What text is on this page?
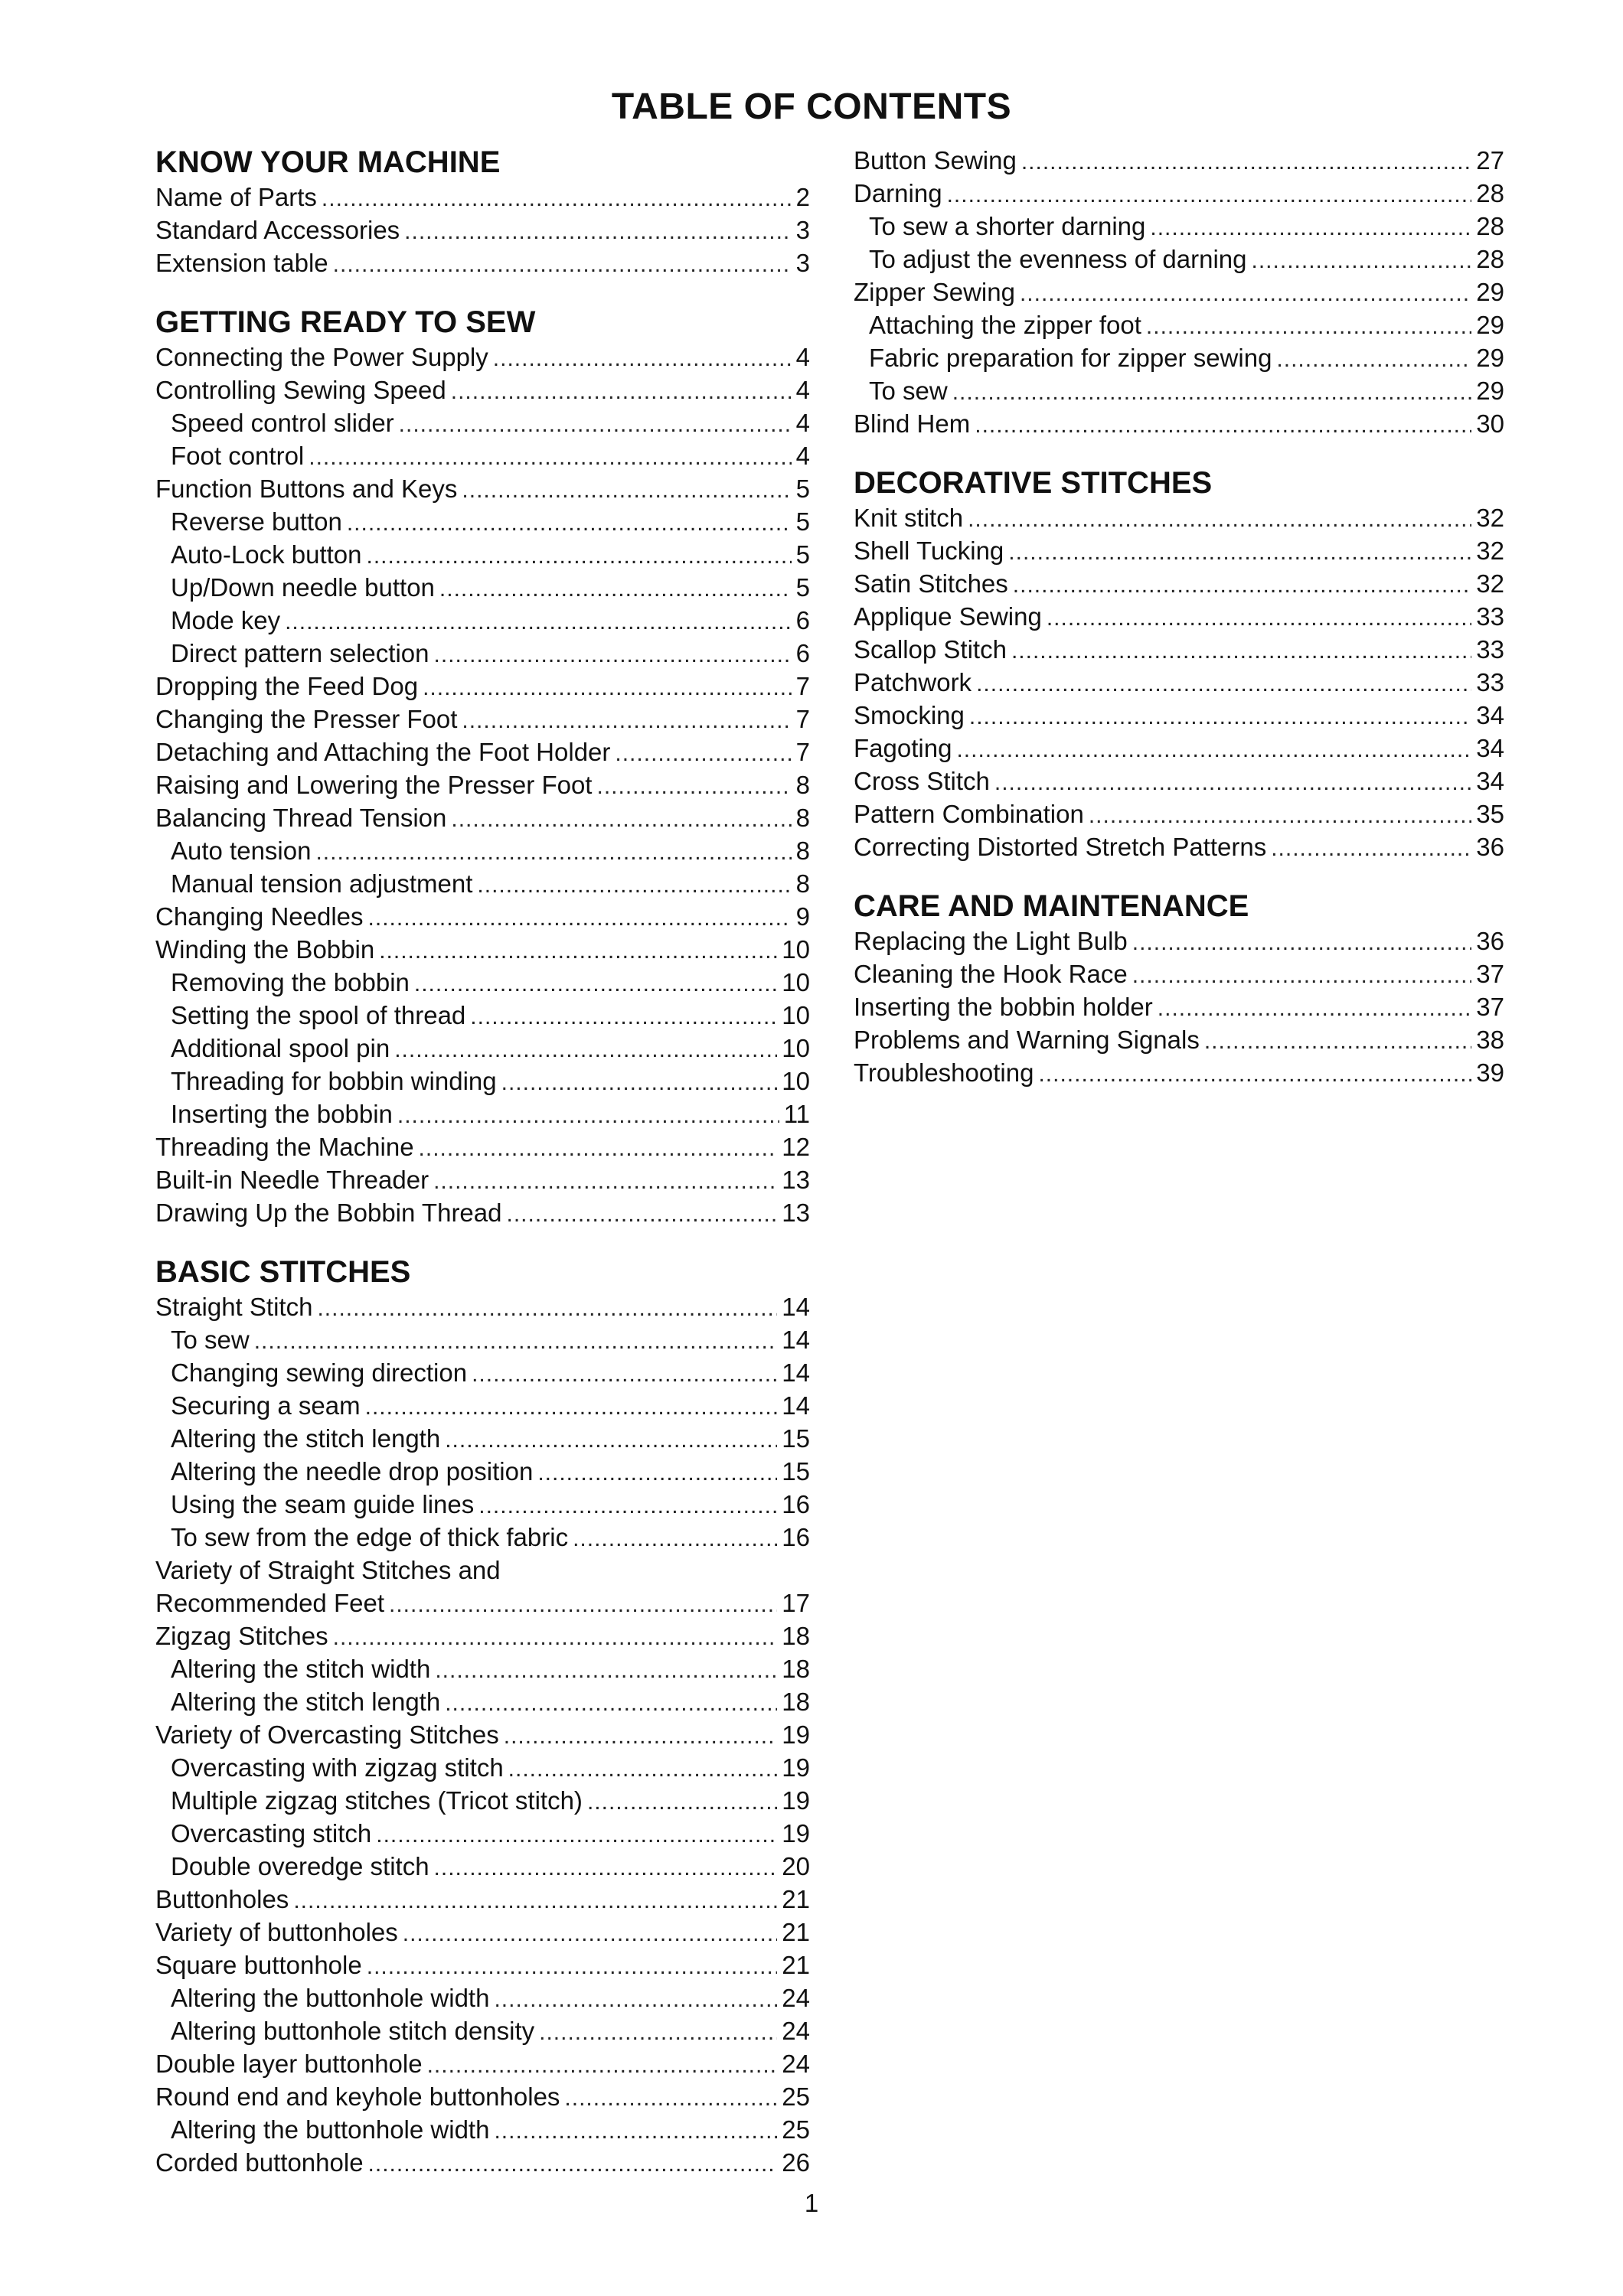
TABLE OF CONTENTS
KNOW YOUR MACHINE
Name of Parts .....	2
Standard Accessories .....	3
Extension table .....	3
GETTING READY TO SEW
Connecting the Power Supply .....	4
Controlling Sewing Speed .....	4
Speed control slider .....	4
Foot control .....	4
Function Buttons and Keys .....	5
Reverse button .....	5
Auto-Lock button .....	5
Up/Down needle button .....	5
Mode key .....	6
Direct pattern selection .....	6
Dropping the Feed Dog .....	7
Changing the Presser Foot .....	7
Detaching and Attaching the Foot Holder .....	7
Raising and Lowering the Presser Foot .....	8
Balancing Thread Tension .....	8
Auto tension .....	8
Manual tension adjustment .....	8
Changing Needles .....	9
Winding the Bobbin .....	10
Removing the bobbin .....	10
Setting the spool of thread .....	10
Additional spool pin .....	10
Threading for bobbin winding .....	10
Inserting the bobbin .....	11
Threading the Machine .....	12
Built-in Needle Threader .....	13
Drawing Up the Bobbin Thread .....	13
BASIC STITCHES
Straight Stitch .....	14
To sew .....	14
Changing sewing direction .....	14
Securing a seam .....	14
Altering the stitch length .....	15
Altering the needle drop position .....	15
Using the seam guide lines .....	16
To sew from the edge of thick fabric .....	16
Variety of Straight Stitches and
Recommended Feet .....	17
Zigzag Stitches .....	18
Altering the stitch width .....	18
Altering the stitch length .....	18
Variety of Overcasting Stitches .....	19
Overcasting with zigzag stitch .....	19
Multiple zigzag stitches (Tricot stitch) .....	19
Overcasting stitch .....	19
Double overedge stitch .....	20
Buttonholes .....	21
Variety of buttonholes .....	21
Square buttonhole .....	21
Altering the buttonhole width .....	24
Altering buttonhole stitch density .....	24
Double layer buttonhole .....	24
Round end and keyhole buttonholes .....	25
Altering the buttonhole width .....	25
Corded buttonhole .....	26
Button Sewing .....	27
Darning .....	28
To sew a shorter darning .....	28
To adjust the evenness of darning .....	28
Zipper Sewing .....	29
Attaching the zipper foot .....	29
Fabric preparation for zipper sewing .....	29
To sew .....	29
Blind Hem .....	30
DECORATIVE STITCHES
Knit stitch .....	32
Shell Tucking .....	32
Satin Stitches .....	32
Applique Sewing .....	33
Scallop Stitch .....	33
Patchwork .....	33
Smocking .....	34
Fagoting .....	34
Cross Stitch .....	34
Pattern Combination .....	35
Correcting Distorted Stretch Patterns .....	36
CARE AND MAINTENANCE
Replacing the Light Bulb .....	36
Cleaning the Hook Race .....	37
Inserting the bobbin holder .....	37
Problems and Warning Signals .....	38
Troubleshooting .....	39
1
